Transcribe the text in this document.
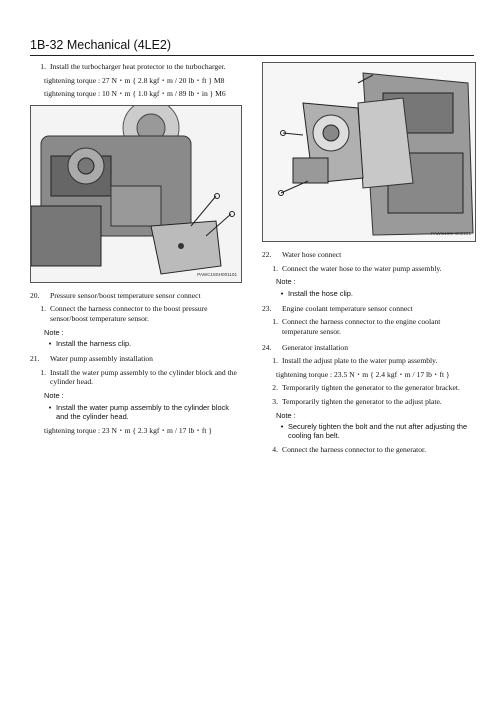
1B-32 Mechanical (4LE2)
1. Install the turbocharger heat protector to the turbocharger.
tightening torque : 27 N・m { 2.8 kgf・m / 20 lb・ft } M8
tightening torque : 10 N・m { 1.0 kgf・m / 89 lb・in } M6
PAWC18SH001101
20.	Pressure sensor/boost temperature sensor connect
1. Connect the harness connector to the boost pressure sensor/boost temperature sensor.
Note :
• Install the harness clip.
21.	Water pump assembly installation
1. Install the water pump assembly to the cylinder block and the cylinder head.
Note :
• Install the water pump assembly to the cylinder block and the cylinder head.
tightening torque : 23 N・m { 2.3 kgf・m / 17 lb・ft }
PAWC10SH000201
22.	Water hose connect
1. Connect the water hose to the water pump assembly.
Note :
• Install the hose clip.
23.	Engine coolant temperature sensor connect
1. Connect the harness connector to the engine coolant temperature sensor.
24.	Generator installation
1. Install the adjust plate to the water pump assembly.
tightening torque : 23.5 N・m { 2.4 kgf・m / 17 lb・ft }
2. Temporarily tighten the generator to the generator bracket.
3. Temporarily tighten the generator to the adjust plate.
Note :
• Securely tighten the bolt and the nut after adjusting the cooling fan belt.
4. Connect the harness connector to the generator.
